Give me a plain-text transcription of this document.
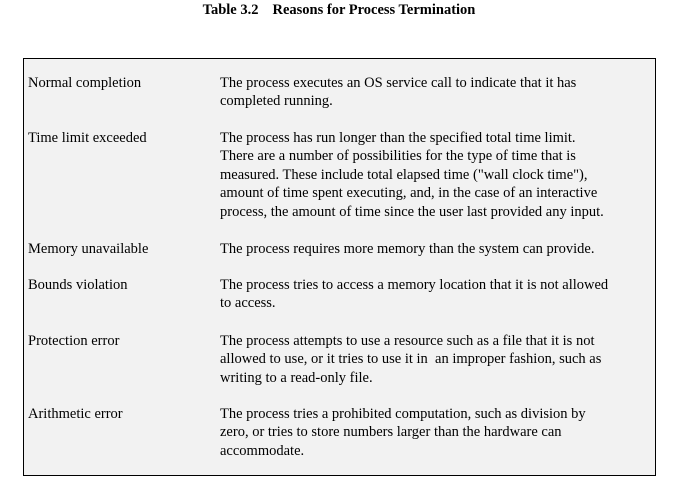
Table 3.2 Reasons for Process Termination
Normal completion	The process executes an OS service call to indicate that it has
completed running.
Time limit exceeded	The process has run longer than the specified total time limit.
There are a number of possibilities for the type of time that is
measured. These include total elapsed time ("wall clock time"),
amount of time spent executing, and, in the case of an interactive
process, the amount of time since the user last provided any input.
Memory unavailable	The process requires more memory than the system can provide.
Bounds violation	The process tries to access a memory location that it is not allowed
to access.
Protection error	The process attempts to use a resource such as a file that it is not
allowed to use, or it tries to use it in  an improper fashion, such as
writing to a read-only file.
Arithmetic error	The process tries a prohibited computation, such as division by
zero, or tries to store numbers larger than the hardware can
accommodate.
